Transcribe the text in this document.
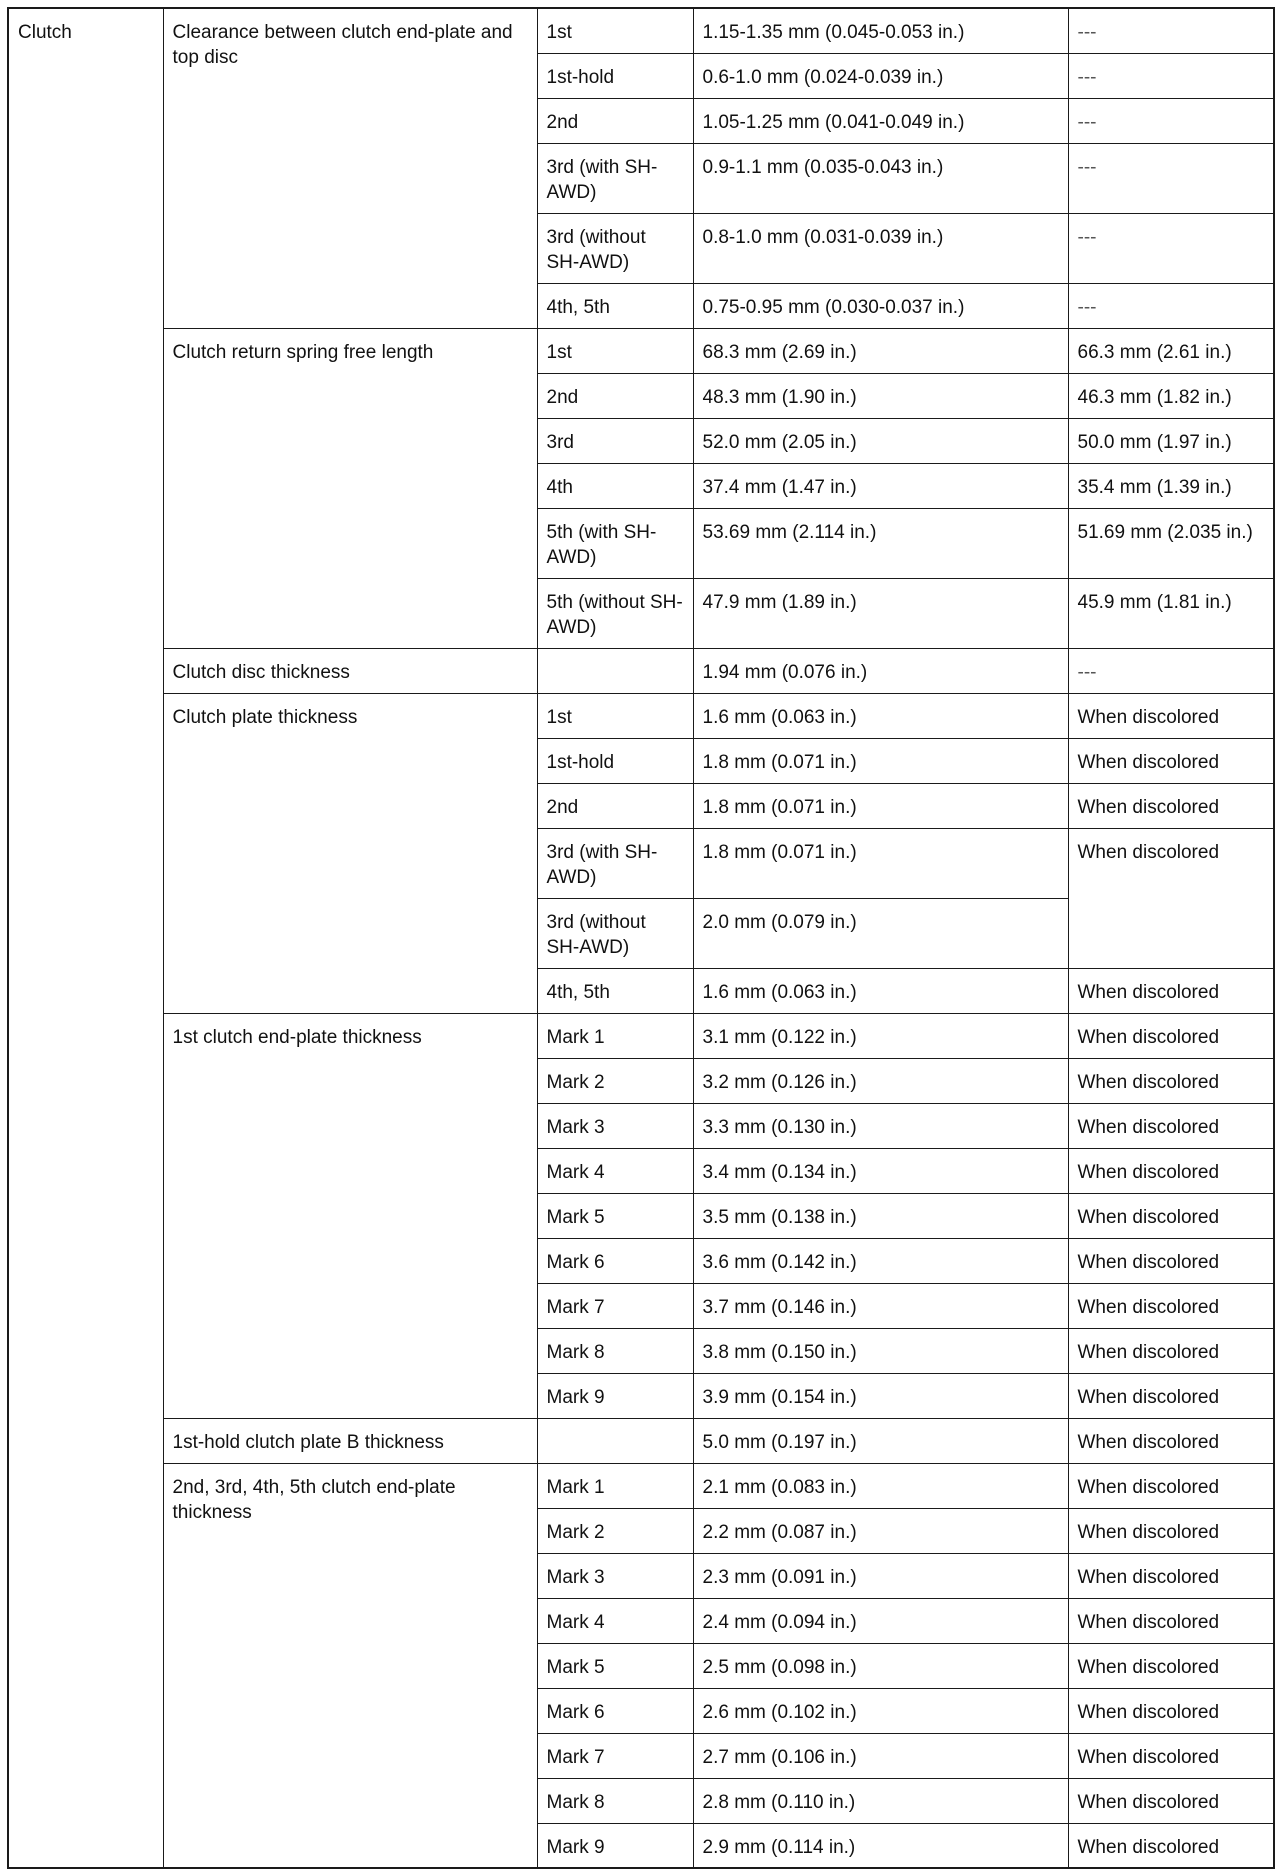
Clutch	Clearance between clutch end-plate and top disc	1st	1.15-1.35 mm (0.045-0.053 in.)	---
		1st-hold	0.6-1.0 mm (0.024-0.039 in.)	---
		2nd	1.05-1.25 mm (0.041-0.049 in.)	---
		3rd (with SH-AWD)	0.9-1.1 mm (0.035-0.043 in.)	---
		3rd (without SH-AWD)	0.8-1.0 mm (0.031-0.039 in.)	---
		4th, 5th	0.75-0.95 mm (0.030-0.037 in.)	---
	Clutch return spring free length	1st	68.3 mm (2.69 in.)	66.3 mm (2.61 in.)
		2nd	48.3 mm (1.90 in.)	46.3 mm (1.82 in.)
		3rd	52.0 mm (2.05 in.)	50.0 mm (1.97 in.)
		4th	37.4 mm (1.47 in.)	35.4 mm (1.39 in.)
		5th (with SH-AWD)	53.69 mm (2.114 in.)	51.69 mm (2.035 in.)
		5th (without SH-AWD)	47.9 mm (1.89 in.)	45.9 mm (1.81 in.)
	Clutch disc thickness		1.94 mm (0.076 in.)	---
	Clutch plate thickness	1st	1.6 mm (0.063 in.)	When discolored
		1st-hold	1.8 mm (0.071 in.)	When discolored
		2nd	1.8 mm (0.071 in.)	When discolored
		3rd (with SH-AWD)	1.8 mm (0.071 in.)	When discolored
		3rd (without SH-AWD)	2.0 mm (0.079 in.)	
		4th, 5th	1.6 mm (0.063 in.)	When discolored
	1st clutch end-plate thickness	Mark 1	3.1 mm (0.122 in.)	When discolored
		Mark 2	3.2 mm (0.126 in.)	When discolored
		Mark 3	3.3 mm (0.130 in.)	When discolored
		Mark 4	3.4 mm (0.134 in.)	When discolored
		Mark 5	3.5 mm (0.138 in.)	When discolored
		Mark 6	3.6 mm (0.142 in.)	When discolored
		Mark 7	3.7 mm (0.146 in.)	When discolored
		Mark 8	3.8 mm (0.150 in.)	When discolored
		Mark 9	3.9 mm (0.154 in.)	When discolored
	1st-hold clutch plate B thickness		5.0 mm (0.197 in.)	When discolored
	2nd, 3rd, 4th, 5th clutch end-plate thickness	Mark 1	2.1 mm (0.083 in.)	When discolored
		Mark 2	2.2 mm (0.087 in.)	When discolored
		Mark 3	2.3 mm (0.091 in.)	When discolored
		Mark 4	2.4 mm (0.094 in.)	When discolored
		Mark 5	2.5 mm (0.098 in.)	When discolored
		Mark 6	2.6 mm (0.102 in.)	When discolored
		Mark 7	2.7 mm (0.106 in.)	When discolored
		Mark 8	2.8 mm (0.110 in.)	When discolored
		Mark 9	2.9 mm (0.114 in.)	When discolored
